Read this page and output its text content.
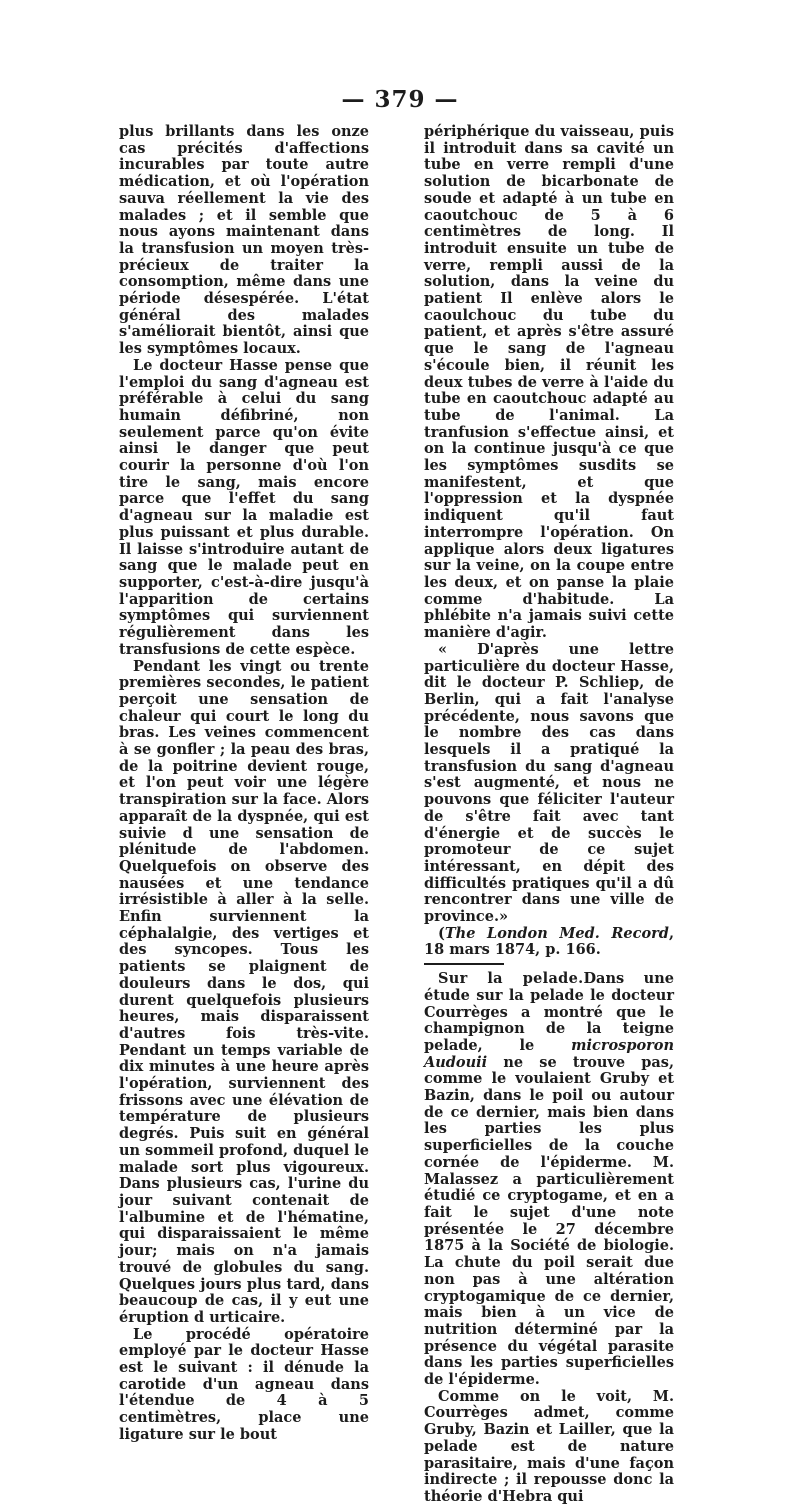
— 379 —

plus brillants dans les onze cas précités d'affections incurables par toute autre médication, et où l'opération sauva réellement la vie des malades ; et il semble que nous ayons maintenant dans la transfusion un moyen très-précieux de traiter la consomption, même dans une période désespérée. L'état général des malades s'améliorait bientôt, ainsi que les symptômes locaux.

Le docteur Hasse pense que l'emploi du sang d'agneau est préférable à celui du sang humain défibriné, non seulement parce qu'on évite ainsi le danger que peut courir la personne d'où l'on tire le sang, mais encore parce que l'effet du sang d'agneau sur la maladie est plus puissant et plus durable. Il laisse s'introduire autant de sang que le malade peut en supporter, c'est-à-dire jusqu'à l'apparition de certains symptômes qui surviennent régulièrement dans les transfusions de cette espèce.

Pendant les vingt ou trente premières secondes, le patient perçoit une sensation de chaleur qui court le long du bras. Les veines commencent à se gonfler ; la peau des bras, de la poitrine devient rouge, et l'on peut voir une légère transpiration sur la face. Alors apparaît de la dyspnée, qui est suivie d une sensation de plénitude de l'abdomen. Quelquefois on observe des nausées et une tendance irrésistible à aller à la selle. Enfin surviennent la céphalalgie, des vertiges et des syncopes. Tous les patients se plaignent de douleurs dans le dos, qui durent quelquefois plusieurs heures, mais disparaissent d'autres fois très-vite. Pendant un temps variable de dix minutes à une heure après l'opération, surviennent des frissons avec une élévation de température de plusieurs degrés. Puis suit en général un sommeil profond, duquel le malade sort plus vigoureux. Dans plusieurs cas, l'urine du jour suivant contenait de l'albumine et de l'hématine, qui disparaissaient le même jour; mais on n'a jamais trouvé de globules du sang. Quelques jours plus tard, dans beaucoup de cas, il y eut une éruption d urticaire.

Le procédé opératoire employé par le docteur Hasse est le suivant : il dénude la carotide d'un agneau dans l'étendue de 4 à 5 centimètres, place une ligature sur le bout

périphérique du vaisseau, puis il introduit dans sa cavité un tube en verre rempli d'une solution de bicarbonate de soude et adapté à un tube en caoutchouc de 5 à 6 centimètres de long. Il introduit ensuite un tube de verre, rempli aussi de la solution, dans la veine du patient Il enlève alors le caoulchouc du tube du patient, et après s'être assuré que le sang de l'agneau s'écoule bien, il réunit les deux tubes de verre à l'aide du tube en caoutchouc adapté au tube de l'animal. La tranfusion s'effectue ainsi, et on la continue jusqu'à ce que les symptômes susdits se manifestent, et que l'oppression et la dyspnée indiquent qu'il faut interrompre l'opération. On applique alors deux ligatures sur la veine, on la coupe entre les deux, et on panse la plaie comme d'habitude. La phlébite n'a jamais suivi cette manière d'agir.

« D'après une lettre particulière du docteur Hasse, dit le docteur P. Schliep, de Berlin, qui a fait l'analyse précédente, nous savons que le nombre des cas dans lesquels il a pratiqué la transfusion du sang d'agneau s'est augmenté, et nous ne pouvons que féliciter l'auteur de s'être fait avec tant d'énergie et de succès le promoteur de ce sujet intéressant, en dépit des difficultés pratiques qu'il a dû rencontrer dans une ville de province.»

(The London Med. Record, 18 mars 1874, p. 166.

Sur la pelade.Dans une étude sur la pelade le docteur Courrèges a montré que le champignon de la teigne pelade, le	microsporon Audouii ne se trouve pas, comme le voulaient Gruby et Bazin, dans le poil ou autour de ce dernier, mais bien dans les parties les plus superficielles de la couche cornée de l'épiderme. M. Malassez a particulièrement étudié ce cryptogame, et en a fait le sujet d'une note présentée le 27 décembre 1875 à la Société de biologie. La chute du poil serait due non pas à une altération cryptogamique de ce dernier, mais bien à un vice de nutrition déterminé par la présence du végétal parasite dans les parties superficielles de l'épiderme.

Comme on le voit, M. Courrèges admet, comme Gruby, Bazin et Lailler, que la pelade est de nature parasitaire, mais d'une façon indirecte ; il repousse donc la théorie d'Hebra qui
